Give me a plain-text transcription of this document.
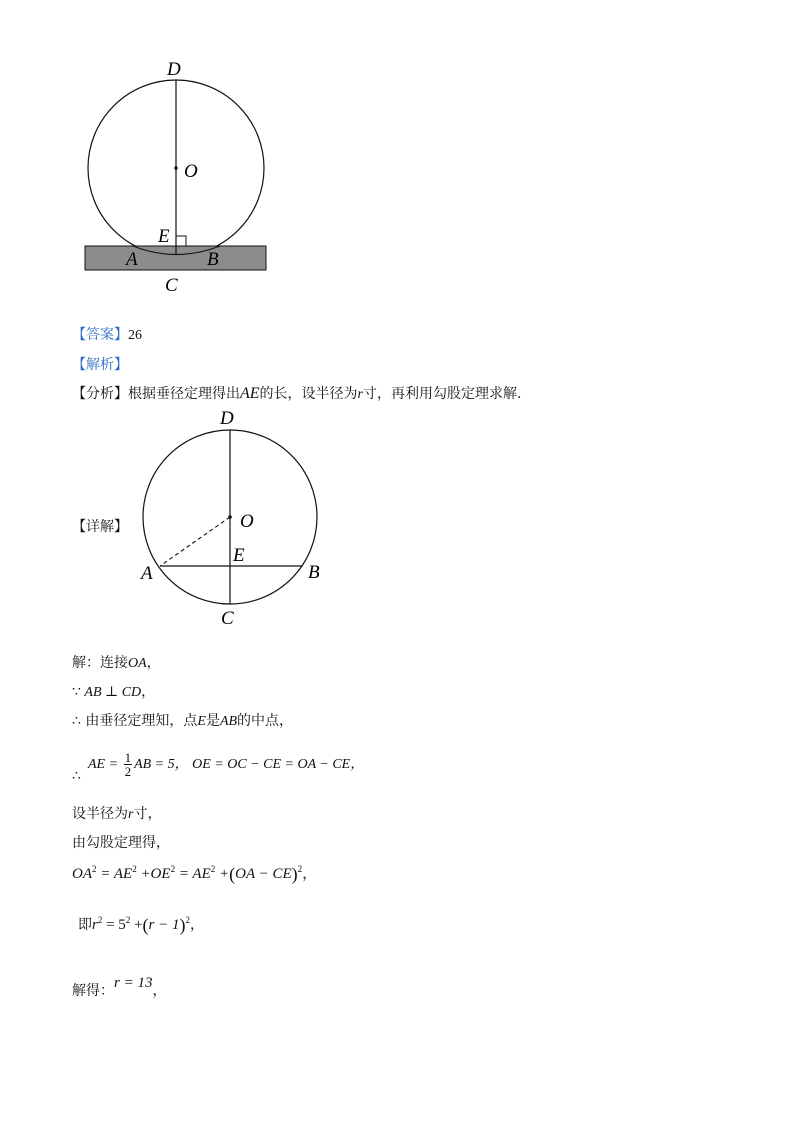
D
O
E
A	B
C
【答案】26
【解析】
【分析】根据垂径定理得出AE的长，设半径为r寸，再利用勾股定理求解.
【详解】
D
O
E
A	B
C
解：连接OA，
∵ AB ⊥ CD，
∴ 由垂径定理知，点E是AB的中点，
∴
AE = $\frac{1}{2}$ AB = 5， OE = OC − CE = OA − CE，
设半径为r寸，
由勾股定理得，
$OA^2 = AE^2 +OE^2 = AE^2 +(OA - CE)^2$，
即$r^2 = 5^2 +(r - 1)^2$，
解得：r = 13，
